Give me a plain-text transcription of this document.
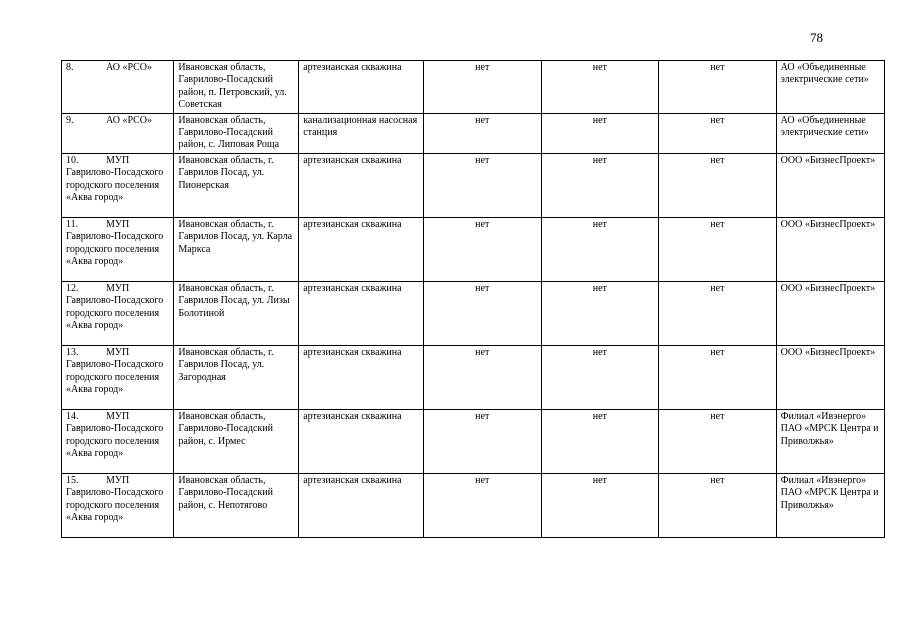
78
8. АО «РСО»	Ивановская область, Гаврилово-Посадский район, п. Петровский, ул. Советская	артезианская скважина	нет	нет	нет	АО «Объединенные электрические сети»

9. АО «РСО»	Ивановская область, Гаврилово-Посадский район, с. Липовая Роща	канализационная насосная станция	нет	нет	нет	АО «Объединенные электрические сети»

10. МУП
Гаврилово-Посадского городского поселения «Аква город»	Ивановская область, г. Гаврилов Посад, ул. Пионерская	артезианская скважина	нет	нет	нет	ООО «БизнесПроект»

11. МУП
Гаврилово-Посадского городского поселения «Аква город»	Ивановская область, г. Гаврилов Посад, ул. Карла Маркса	артезианская скважина	нет	нет	нет	ООО «БизнесПроект»

12. МУП
Гаврилово-Посадского городского поселения «Аква город»	Ивановская область, г. Гаврилов Посад, ул. Лизы Болотиной	артезианская скважина	нет	нет	нет	ООО «БизнесПроект»

13. МУП
Гаврилово-Посадского городского поселения «Аква город»	Ивановская область, г. Гаврилов Посад, ул. Загородная	артезианская скважина	нет	нет	нет	ООО «БизнесПроект»

14. МУП
Гаврилово-Посадского городского поселения «Аква город»	Ивановская область, Гаврилово-Посадский район, с. Ирмес	артезианская скважина	нет	нет	нет	Филиал «Ивэнерго» ПАО «МРСК Центра и Приволжья»

15. МУП
Гаврилово-Посадского городского поселения «Аква город»	Ивановская область, Гаврилово-Посадский район, с. Непотягово	артезианская скважина	нет	нет	нет	Филиал «Ивэнерго» ПАО «МРСК Центра и Приволжья»
